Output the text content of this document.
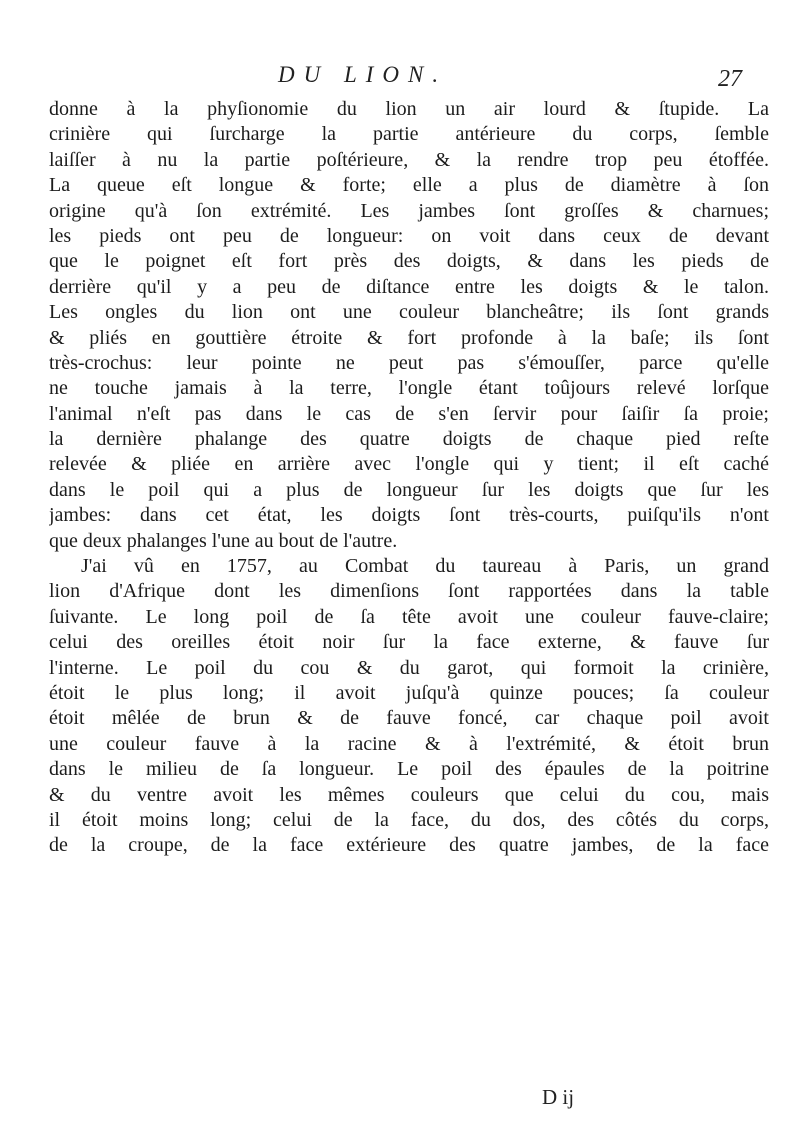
DU LION.	27
donne à la phyſionomie du lion un air lourd & ſtupide. La
crinière qui ſurcharge la partie antérieure du corps, ſemble
laiſſer à nu la partie poſtérieure, & la rendre trop peu étoffée.
La queue eſt longue & forte; elle a plus de diamètre à ſon
origine qu'à ſon extrémité. Les jambes ſont groſſes & charnues;
les pieds ont peu de longueur: on voit dans ceux de devant
que le poignet eſt fort près des doigts, & dans les pieds de
derrière qu'il y a peu de diſtance entre les doigts & le talon.
Les ongles du lion ont une couleur blancheâtre; ils ſont grands
& pliés en gouttière étroite & fort profonde à la baſe; ils ſont
très-crochus: leur pointe ne peut pas s'émouſſer, parce qu'elle
ne touche jamais à la terre, l'ongle étant toûjours relevé lorſque
l'animal n'eſt pas dans le cas de s'en ſervir pour ſaiſir ſa proie;
la dernière phalange des quatre doigts de chaque pied reſte
relevée & pliée en arrière avec l'ongle qui y tient; il eſt caché
dans le poil qui a plus de longueur ſur les doigts que ſur les
jambes: dans cet état, les doigts ſont très-courts, puiſqu'ils n'ont
que deux phalanges l'une au bout de l'autre.
J'ai vû en 1757, au Combat du taureau à Paris, un grand
lion d'Afrique dont les dimenſions ſont rapportées dans la table
ſuivante. Le long poil de ſa tête avoit une couleur fauve-claire;
celui des oreilles étoit noir ſur la face externe, & fauve ſur
l'interne. Le poil du cou & du garot, qui formoit la crinière,
étoit le plus long; il avoit juſqu'à quinze pouces; ſa couleur
étoit mêlée de brun & de fauve foncé, car chaque poil avoit
une couleur fauve à la racine & à l'extrémité, & étoit brun
dans le milieu de ſa longueur. Le poil des épaules de la poitrine
& du ventre avoit les mêmes couleurs que celui du cou, mais
il étoit moins long; celui de la face, du dos, des côtés du corps,
de la croupe, de la face extérieure des quatre jambes, de la face
D ij
